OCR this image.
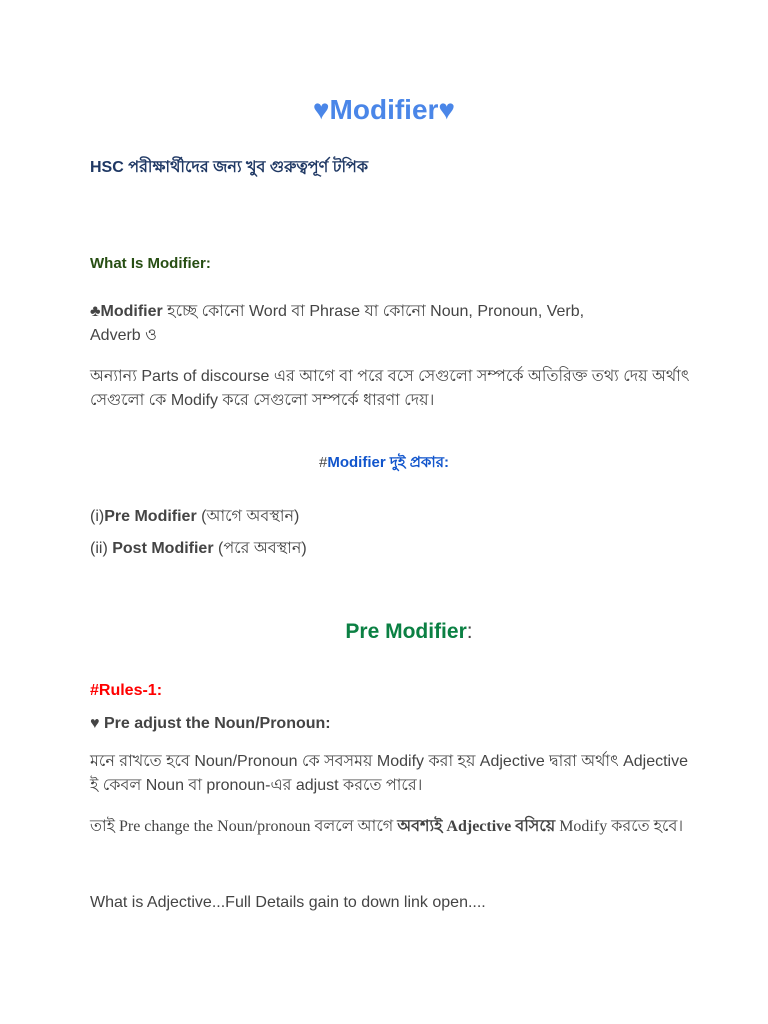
♥Modifier♥
HSC পরীক্ষার্থীদের জন্য খুব গুরুত্বপূর্ণ টপিক
What Is Modifier:
♣Modifier হচ্ছে কোনো Word বা Phrase যা কোনো Noun, Pronoun, Verb,
Adverb ও
অন্যান্য Parts of discourse এর আগে বা পরে বসে সেগুলো সম্পর্কে অতিরিক্ত তথ্য দেয় অর্থাৎ সেগুলো কে Modify করে সেগুলো সম্পর্কে ধারণা দেয়।
#Modifier দুই প্রকার:
(i)Pre Modifier (আগে অবস্থান)
(ii) Post Modifier (পরে অবস্থান)
Pre Modifier:
#Rules-1:
♥ Pre adjust the Noun/Pronoun:
মনে রাখতে হবে Noun/Pronoun কে সবসময় Modify করা হয় Adjective দ্বারা অর্থাৎ Adjective ই কেবল Noun বা pronoun-এর adjust করতে পারে।
তাই Pre change the Noun/pronoun বললে আগে অবশ্যই Adjective বসিয়ে Modify করতে হবে।
What is Adjective...Full Details gain to down link open....
